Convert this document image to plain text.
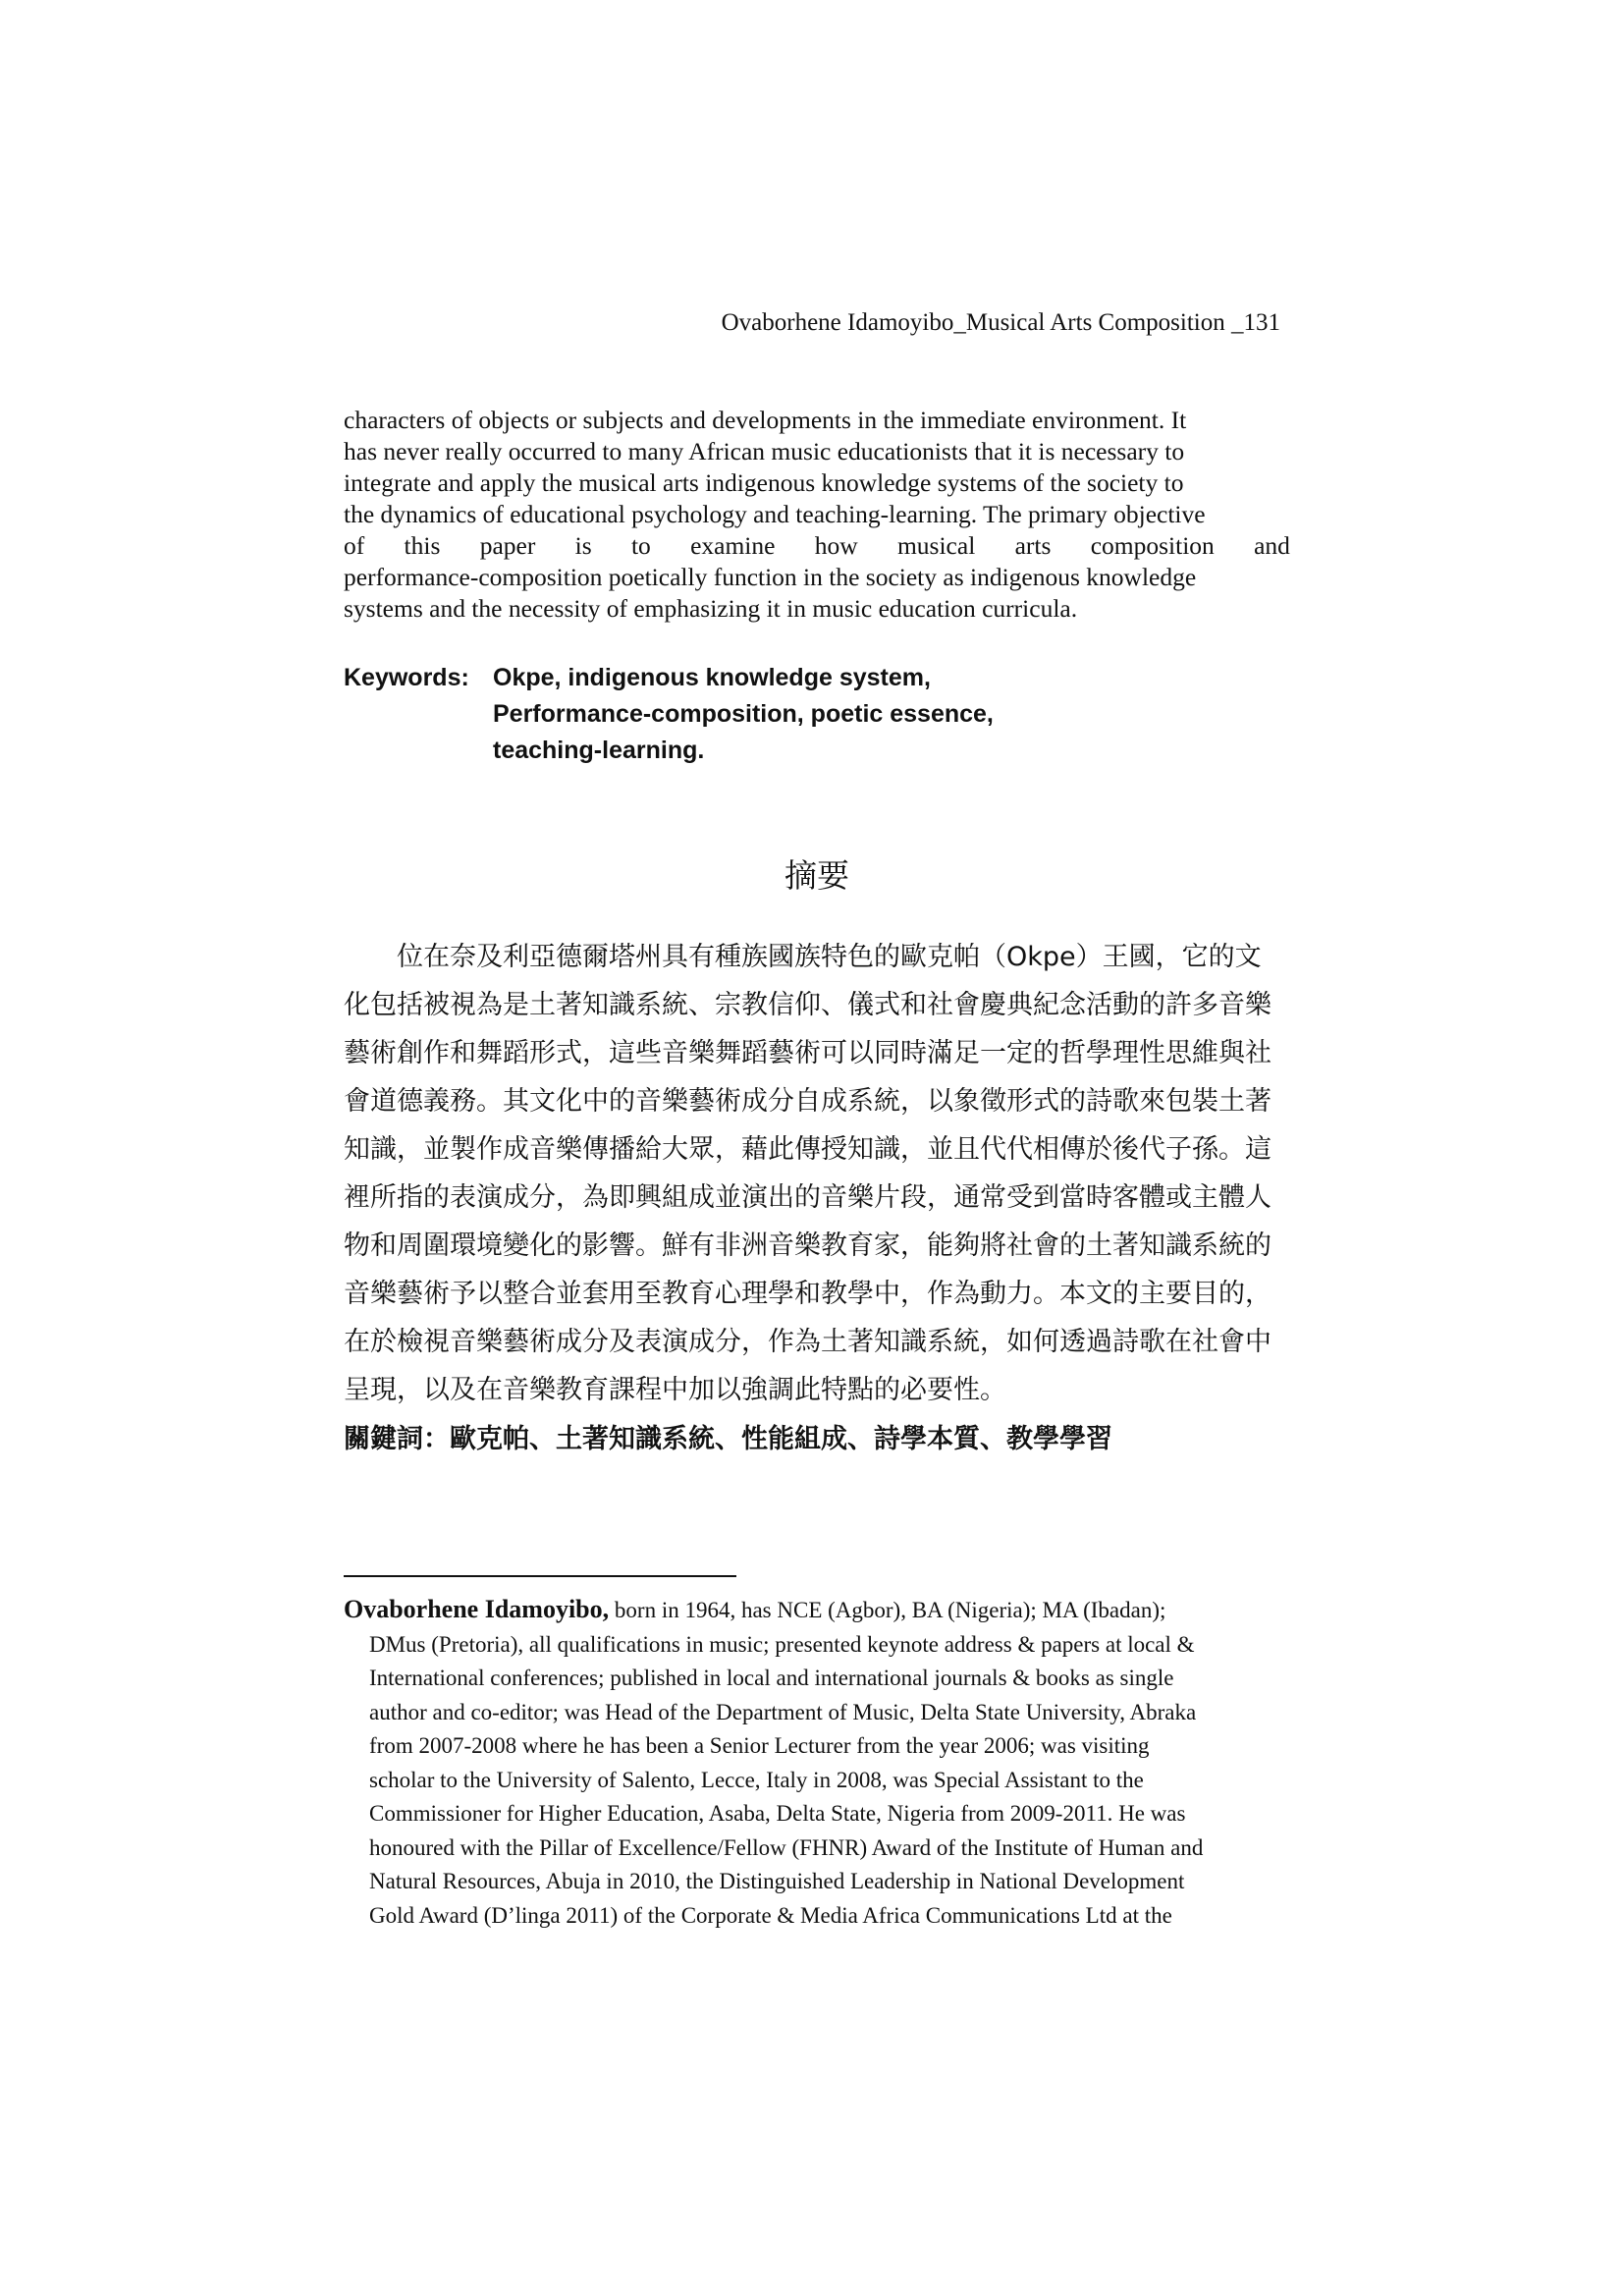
Ovaborhene Idamoyibo_Musical Arts Composition _131
characters of objects or subjects and developments in the immediate environment. It
has never really occurred to many African music educationists that it is necessary to
integrate and apply the musical arts indigenous knowledge systems of the society to
the dynamics of educational psychology and teaching-learning. The primary objective
of this paper is to examine how musical arts composition and
performance-composition poetically function in the society as indigenous knowledge
systems and the necessity of emphasizing it in music education curricula.
Keywords: Okpe, indigenous knowledge system,
Performance-composition, poetic essence,
teaching-learning.
摘要
位在奈及利亞德爾塔州具有種族國族特色的歐克帕（Okpe）王國，它的文
化包括被視為是土著知識系統、宗教信仰、儀式和社會慶典紀念活動的許多音樂
藝術創作和舞蹈形式，這些音樂舞蹈藝術可以同時滿足一定的哲學理性思維與社
會道德義務。其文化中的音樂藝術成分自成系統，以象徵形式的詩歌來包裝土著
知識，並製作成音樂傳播給大眾，藉此傳授知識，並且代代相傳於後代子孫。這
裡所指的表演成分，為即興組成並演出的音樂片段，通常受到當時客體或主體人
物和周圍環境變化的影響。鮮有非洲音樂教育家，能夠將社會的土著知識系統的
音樂藝術予以整合並套用至教育心理學和教學中，作為動力。本文的主要目的，
在於檢視音樂藝術成分及表演成分，作為土著知識系統，如何透過詩歌在社會中
呈現，以及在音樂教育課程中加以強調此特點的必要性。
關鍵詞：歐克帕、土著知識系統、性能組成、詩學本質、教學學習
Ovaborhene Idamoyibo, born in 1964, has NCE (Agbor), BA (Nigeria); MA (Ibadan);
DMus (Pretoria), all qualifications in music; presented keynote address & papers at local &
International conferences; published in local and international journals & books as single
author and co-editor; was Head of the Department of Music, Delta State University, Abraka
from 2007-2008 where he has been a Senior Lecturer from the year 2006; was visiting
scholar to the University of Salento, Lecce, Italy in 2008, was Special Assistant to the
Commissioner for Higher Education, Asaba, Delta State, Nigeria from 2009-2011. He was
honoured with the Pillar of Excellence/Fellow (FHNR) Award of the Institute of Human and
Natural Resources, Abuja in 2010, the Distinguished Leadership in National Development
Gold Award (D’linga 2011) of the Corporate & Media Africa Communications Ltd at the
